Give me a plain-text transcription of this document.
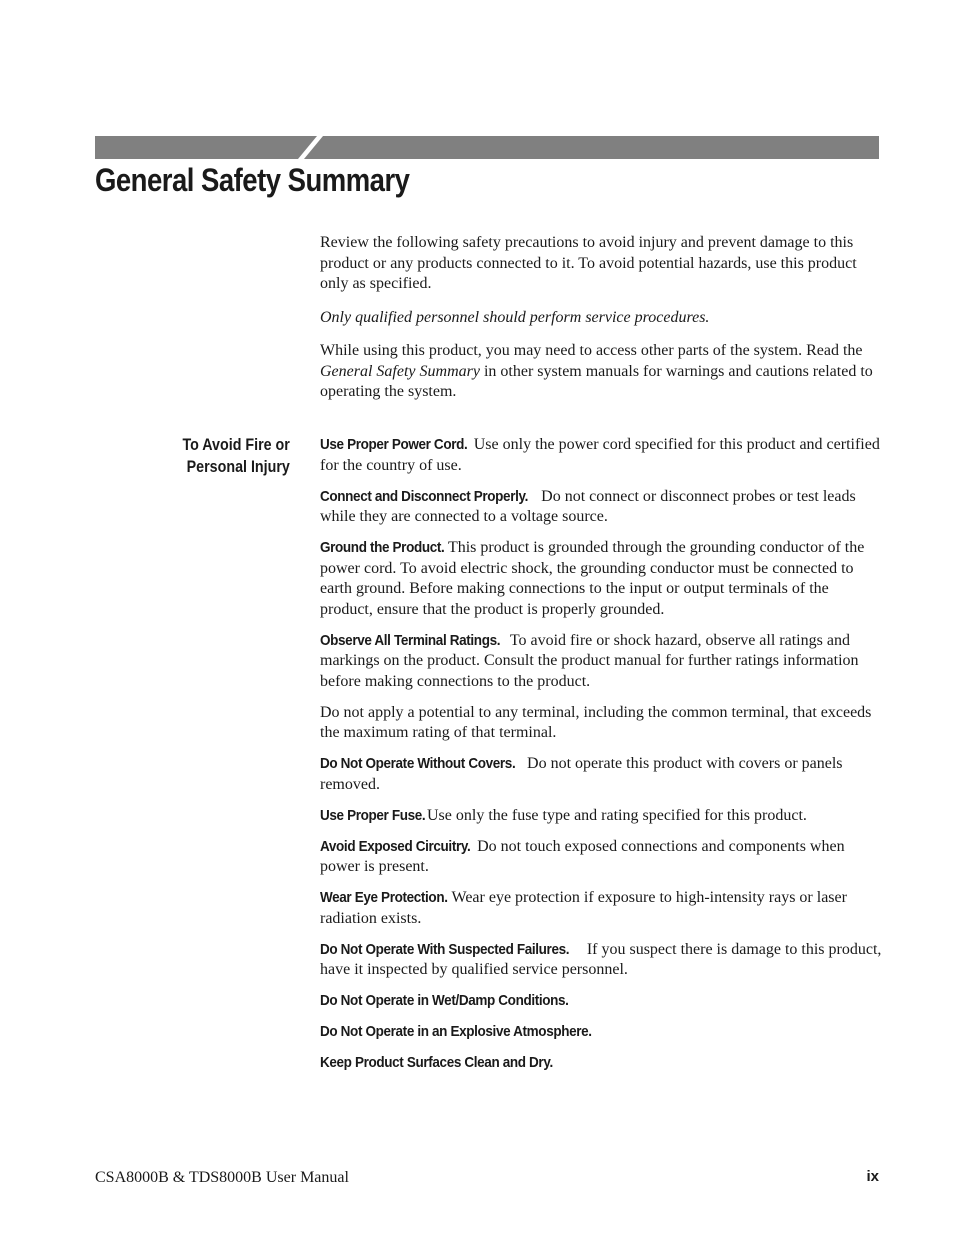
General Safety Summary

Review the following safety precautions to avoid injury and prevent damage to this product or any products connected to it. To avoid potential hazards, use this product only as specified.

Only qualified personnel should perform service procedures.

While using this product, you may need to access other parts of the system. Read the General Safety Summary in other system manuals for warnings and cautions related to operating the system.

To Avoid Fire or
Personal Injury

Use Proper Power Cord. Use only the power cord specified for this product and certified for the country of use.

Connect and Disconnect Properly. Do not connect or disconnect probes or test leads while they are connected to a voltage source.

Ground the Product. This product is grounded through the grounding conductor of the power cord. To avoid electric shock, the grounding conductor must be connected to earth ground. Before making connections to the input or output terminals of the product, ensure that the product is properly grounded.

Observe All Terminal Ratings. To avoid fire or shock hazard, observe all ratings and markings on the product. Consult the product manual for further ratings information before making connections to the product.

Do not apply a potential to any terminal, including the common terminal, that exceeds the maximum rating of that terminal.

Do Not Operate Without Covers. Do not operate this product with covers or panels removed.

Use Proper Fuse. Use only the fuse type and rating specified for this product.

Avoid Exposed Circuitry. Do not touch exposed connections and components when power is present.

Wear Eye Protection. Wear eye protection if exposure to high-intensity rays or laser radiation exists.

Do Not Operate With Suspected Failures. If you suspect there is damage to this product, have it inspected by qualified service personnel.

Do Not Operate in Wet/Damp Conditions.

Do Not Operate in an Explosive Atmosphere.

Keep Product Surfaces Clean and Dry.

CSA8000B & TDS8000B User Manual	ix
